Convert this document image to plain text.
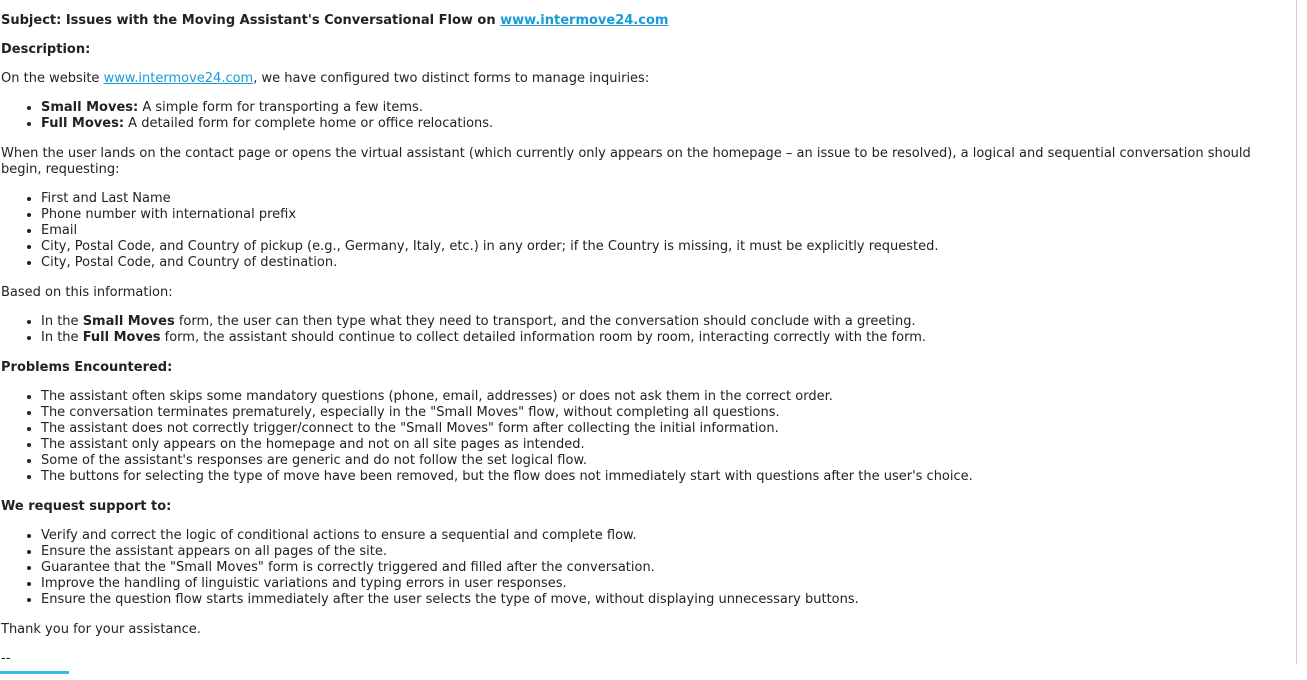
Subject: Issues with the Moving Assistant's Conversational Flow on www.intermove24.com

Description:

On the website www.intermove24.com, we have configured two distinct forms to manage inquiries:

• Small Moves: A simple form for transporting a few items.
• Full Moves: A detailed form for complete home or office relocations.

When the user lands on the contact page or opens the virtual assistant (which currently only appears on the homepage – an issue to be resolved), a logical and sequential conversation should begin, requesting:

• First and Last Name
• Phone number with international prefix
• Email
• City, Postal Code, and Country of pickup (e.g., Germany, Italy, etc.) in any order; if the Country is missing, it must be explicitly requested.
• City, Postal Code, and Country of destination.

Based on this information:

• In the Small Moves form, the user can then type what they need to transport, and the conversation should conclude with a greeting.
• In the Full Moves form, the assistant should continue to collect detailed information room by room, interacting correctly with the form.

Problems Encountered:

• The assistant often skips some mandatory questions (phone, email, addresses) or does not ask them in the correct order.
• The conversation terminates prematurely, especially in the "Small Moves" flow, without completing all questions.
• The assistant does not correctly trigger/connect to the "Small Moves" form after collecting the initial information.
• The assistant only appears on the homepage and not on all site pages as intended.
• Some of the assistant's responses are generic and do not follow the set logical flow.
• The buttons for selecting the type of move have been removed, but the flow does not immediately start with questions after the user's choice.

We request support to:

• Verify and correct the logic of conditional actions to ensure a sequential and complete flow.
• Ensure the assistant appears on all pages of the site.
• Guarantee that the "Small Moves" form is correctly triggered and filled after the conversation.
• Improve the handling of linguistic variations and typing errors in user responses.
• Ensure the question flow starts immediately after the user selects the type of move, without displaying unnecessary buttons.

Thank you for your assistance.

--
